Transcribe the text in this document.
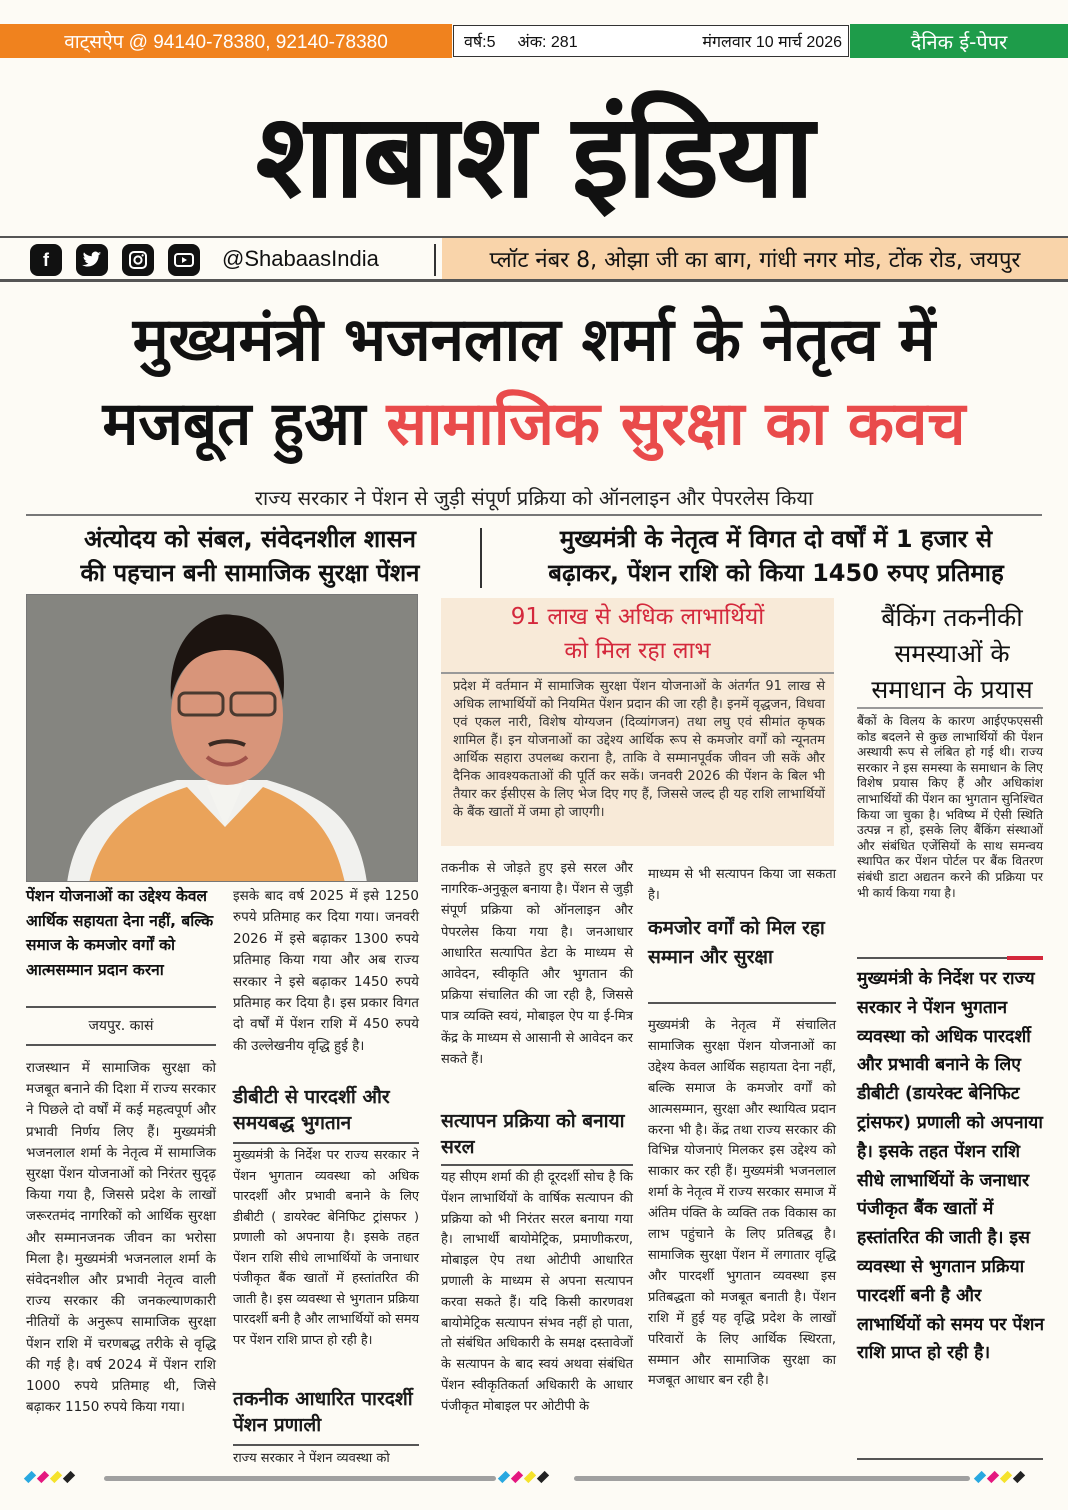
वाट्सऐप @ 94140-78380, 92140-78380	वर्ष:5 अंक: 281	मंगलवार 10 मार्च 2026	दैनिक ई-पेपर
शाबाश इंडिया
f	@ShabaasIndia	प्लॉट नंबर 8, ओझा जी का बाग, गांधी नगर मोड, टोंक रोड, जयपुर
मुख्यमंत्री भजनलाल शर्मा के नेतृत्व में
मजबूत हुआ सामाजिक सुरक्षा का कवच
राज्य सरकार ने पेंशन से जुड़ी संपूर्ण प्रक्रिया को ऑनलाइन और पेपरलेस किया
अंत्योदय को संबल, संवेदनशील शासन
की पहचान बनी सामाजिक सुरक्षा पेंशन
मुख्यमंत्री के नेतृत्व में विगत दो वर्षों में 1 हजार से
बढ़ाकर, पेंशन राशि को किया 1450 रुपए प्रतिमाह
पेंशन योजनाओं का उद्देश्य केवल आर्थिक सहायता देना नहीं, बल्कि समाज के कमजोर वर्गों को आत्मसम्मान प्रदान करना
जयपुर. कासं
राजस्थान में सामाजिक सुरक्षा को मजबूत बनाने की दिशा में राज्य सरकार ने पिछले दो वर्षों में कई महत्वपूर्ण और प्रभावी निर्णय लिए हैं। मुख्यमंत्री भजनलाल शर्मा के नेतृत्व में सामाजिक सुरक्षा पेंशन योजनाओं को निरंतर सुदृढ़ किया गया है, जिससे प्रदेश के लाखों जरूरतमंद नागरिकों को आर्थिक सुरक्षा और सम्मानजनक जीवन का भरोसा मिला है। मुख्यमंत्री भजनलाल शर्मा के संवेदनशील और प्रभावी नेतृत्व वाली राज्य सरकार की जनकल्याणकारी नीतियों के अनुरूप सामाजिक सुरक्षा पेंशन राशि में चरणबद्ध तरीके से वृद्धि की गई है। वर्ष 2024 में पेंशन राशि 1000 रुपये प्रतिमाह थी, जिसे बढ़ाकर 1150 रुपये किया गया।
इसके बाद वर्ष 2025 में इसे 1250 रुपये प्रतिमाह कर दिया गया। जनवरी 2026 में इसे बढ़ाकर 1300 रुपये प्रतिमाह किया गया और अब राज्य सरकार ने इसे बढ़ाकर 1450 रुपये प्रतिमाह कर दिया है। इस प्रकार विगत दो वर्षों में पेंशन राशि में 450 रुपये की उल्लेखनीय वृद्धि हुई है।
डीबीटी से पारदर्शी और समयबद्ध भुगतान
मुख्यमंत्री के निर्देश पर राज्य सरकार ने पेंशन भुगतान व्यवस्था को अधिक पारदर्शी और प्रभावी बनाने के लिए डीबीटी ( डायरेक्ट बेनिफिट ट्रांसफर ) प्रणाली को अपनाया है। इसके तहत पेंशन राशि सीधे लाभार्थियों के जनाधार पंजीकृत बैंक खातों में हस्तांतरित की जाती है। इस व्यवस्था से भुगतान प्रक्रिया पारदर्शी बनी है और लाभार्थियों को समय पर पेंशन राशि प्राप्त हो रही है।
तकनीक आधारित पारदर्शी पेंशन प्रणाली
राज्य सरकार ने पेंशन व्यवस्था को
91 लाख से अधिक लाभार्थियों
को मिल रहा लाभ
प्रदेश में वर्तमान में सामाजिक सुरक्षा पेंशन योजनाओं के अंतर्गत 91 लाख से अधिक लाभार्थियों को नियमित पेंशन प्रदान की जा रही है। इनमें वृद्धजन, विधवा एवं एकल नारी, विशेष योग्यजन (दिव्यांगजन) तथा लघु एवं सीमांत कृषक शामिल हैं। इन योजनाओं का उद्देश्य आर्थिक रूप से कमजोर वर्गों को न्यूनतम आर्थिक सहारा उपलब्ध कराना है, ताकि वे सम्मानपूर्वक जीवन जी सकें और दैनिक आवश्यकताओं की पूर्ति कर सकें। जनवरी 2026 की पेंशन के बिल भी तैयार कर ईसीएस के लिए भेज दिए गए हैं, जिससे जल्द ही यह राशि लाभार्थियों के बैंक खातों में जमा हो जाएगी।
तकनीक से जोड़ते हुए इसे सरल और नागरिक-अनुकूल बनाया है। पेंशन से जुड़ी संपूर्ण प्रक्रिया को ऑनलाइन और पेपरलेस किया गया है। जनआधार आधारित सत्यापित डेटा के माध्यम से आवेदन, स्वीकृति और भुगतान की प्रक्रिया संचालित की जा रही है, जिससे पात्र व्यक्ति स्वयं, मोबाइल ऐप या ई-मित्र केंद्र के माध्यम से आसानी से आवेदन कर सकते हैं।
सत्यापन प्रक्रिया को बनाया सरल
यह सीएम शर्मा की ही दूरदर्शी सोच है कि पेंशन लाभार्थियों के वार्षिक सत्यापन की प्रक्रिया को भी निरंतर सरल बनाया गया है। लाभार्थी बायोमेट्रिक, प्रमाणीकरण, मोबाइल ऐप तथा ओटीपी आधारित प्रणाली के माध्यम से अपना सत्यापन करवा सकते हैं। यदि किसी कारणवश बायोमेट्रिक सत्यापन संभव नहीं हो पाता, तो संबंधित अधिकारी के समक्ष दस्तावेजों के सत्यापन के बाद स्वयं अथवा संबंधित पेंशन स्वीकृतिकर्ता अधिकारी के आधार पंजीकृत मोबाइल पर ओटीपी के
माध्यम से भी सत्यापन किया जा सकता है।
कमजोर वर्गों को मिल रहा सम्मान और सुरक्षा
मुख्यमंत्री के नेतृत्व में संचालित सामाजिक सुरक्षा पेंशन योजनाओं का उद्देश्य केवल आर्थिक सहायता देना नहीं, बल्कि समाज के कमजोर वर्गों को आत्मसम्मान, सुरक्षा और स्थायित्व प्रदान करना भी है। केंद्र तथा राज्य सरकार की विभिन्न योजनाएं मिलकर इस उद्देश्य को साकार कर रही हैं। मुख्यमंत्री भजनलाल शर्मा के नेतृत्व में राज्य सरकार समाज में अंतिम पंक्ति के व्यक्ति तक विकास का लाभ पहुंचाने के लिए प्रतिबद्ध है। सामाजिक सुरक्षा पेंशन में लगातार वृद्धि और पारदर्शी भुगतान व्यवस्था इस प्रतिबद्धता को मजबूत बनाती है। पेंशन राशि में हुई यह वृद्धि प्रदेश के लाखों परिवारों के लिए आर्थिक स्थिरता, सम्मान और सामाजिक सुरक्षा का मजबूत आधार बन रही है।
बैंकिंग तकनीकी
समस्याओं के
समाधान के प्रयास
बैंकों के विलय के कारण आईएफएससी कोड बदलने से कुछ लाभार्थियों की पेंशन अस्थायी रूप से लंबित हो गई थी। राज्य सरकार ने इस समस्या के समाधान के लिए विशेष प्रयास किए हैं और अधिकांश लाभार्थियों की पेंशन का भुगतान सुनिश्चित किया जा चुका है। भविष्य में ऐसी स्थिति उत्पन्न न हो, इसके लिए बैंकिंग संस्थाओं और संबंधित एजेंसियों के साथ समन्वय स्थापित कर पेंशन पोर्टल पर बैंक वितरण संबंधी डाटा अद्यतन करने की प्रक्रिया पर भी कार्य किया गया है।
मुख्यमंत्री के निर्देश पर राज्य सरकार ने पेंशन भुगतान व्यवस्था को अधिक पारदर्शी और प्रभावी बनाने के लिए डीबीटी (डायरेक्ट बेनिफिट ट्रांसफर) प्रणाली को अपनाया है। इसके तहत पेंशन राशि सीधे लाभार्थियों के जनाधार पंजीकृत बैंक खातों में हस्तांतरित की जाती है। इस व्यवस्था से भुगतान प्रक्रिया पारदर्शी बनी है और लाभार्थियों को समय पर पेंशन राशि प्राप्त हो रही है।
